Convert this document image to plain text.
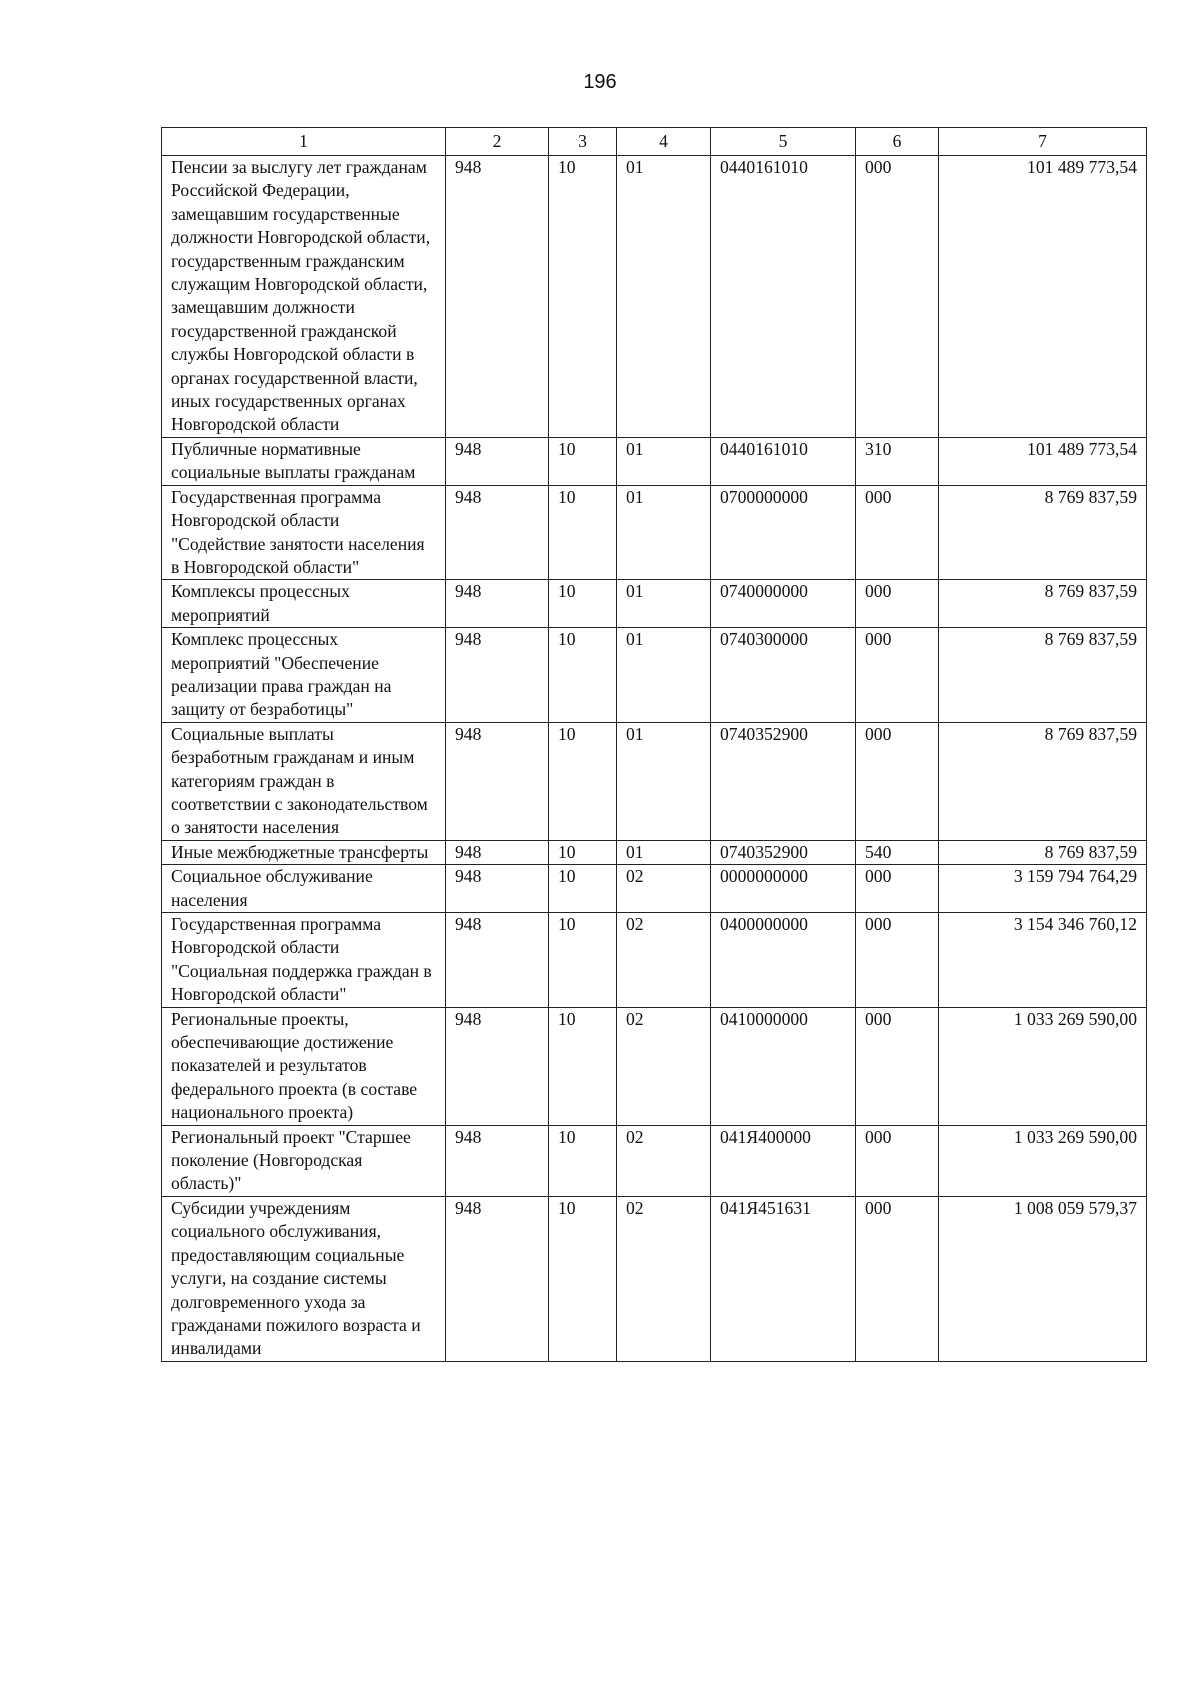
196
1	2	3	4	5	6	7
Пенсии за выслугу лет гражданам Российской Федерации, замещавшим государственные должности Новгородской области, государственным гражданским служащим Новгородской области, замещавшим должности государственной гражданской службы Новгородской области в органах государственной власти, иных государственных органах Новгородской области	948	10	01	0440161010	000	101 489 773,54
Публичные нормативные социальные выплаты гражданам	948	10	01	0440161010	310	101 489 773,54
Государственная программа Новгородской области "Содействие занятости населения в Новгородской области"	948	10	01	0700000000	000	8 769 837,59
Комплексы процессных мероприятий	948	10	01	0740000000	000	8 769 837,59
Комплекс процессных мероприятий "Обеспечение реализации права граждан на защиту от безработицы"	948	10	01	0740300000	000	8 769 837,59
Социальные выплаты безработным гражданам и иным категориям граждан в соответствии с законодательством о занятости населения	948	10	01	0740352900	000	8 769 837,59
Иные межбюджетные трансферты	948	10	01	0740352900	540	8 769 837,59
Социальное обслуживание населения	948	10	02	0000000000	000	3 159 794 764,29
Государственная программа Новгородской области "Социальная поддержка граждан в Новгородской области"	948	10	02	0400000000	000	3 154 346 760,12
Региональные проекты, обеспечивающие достижение показателей и результатов федерального проекта (в составе национального проекта)	948	10	02	0410000000	000	1 033 269 590,00
Региональный проект "Старшее поколение (Новгородская область)"	948	10	02	041Я400000	000	1 033 269 590,00
Субсидии учреждениям социального обслуживания, предоставляющим социальные услуги, на создание системы долговременного ухода за гражданами пожилого возраста и инвалидами	948	10	02	041Я451631	000	1 008 059 579,37
